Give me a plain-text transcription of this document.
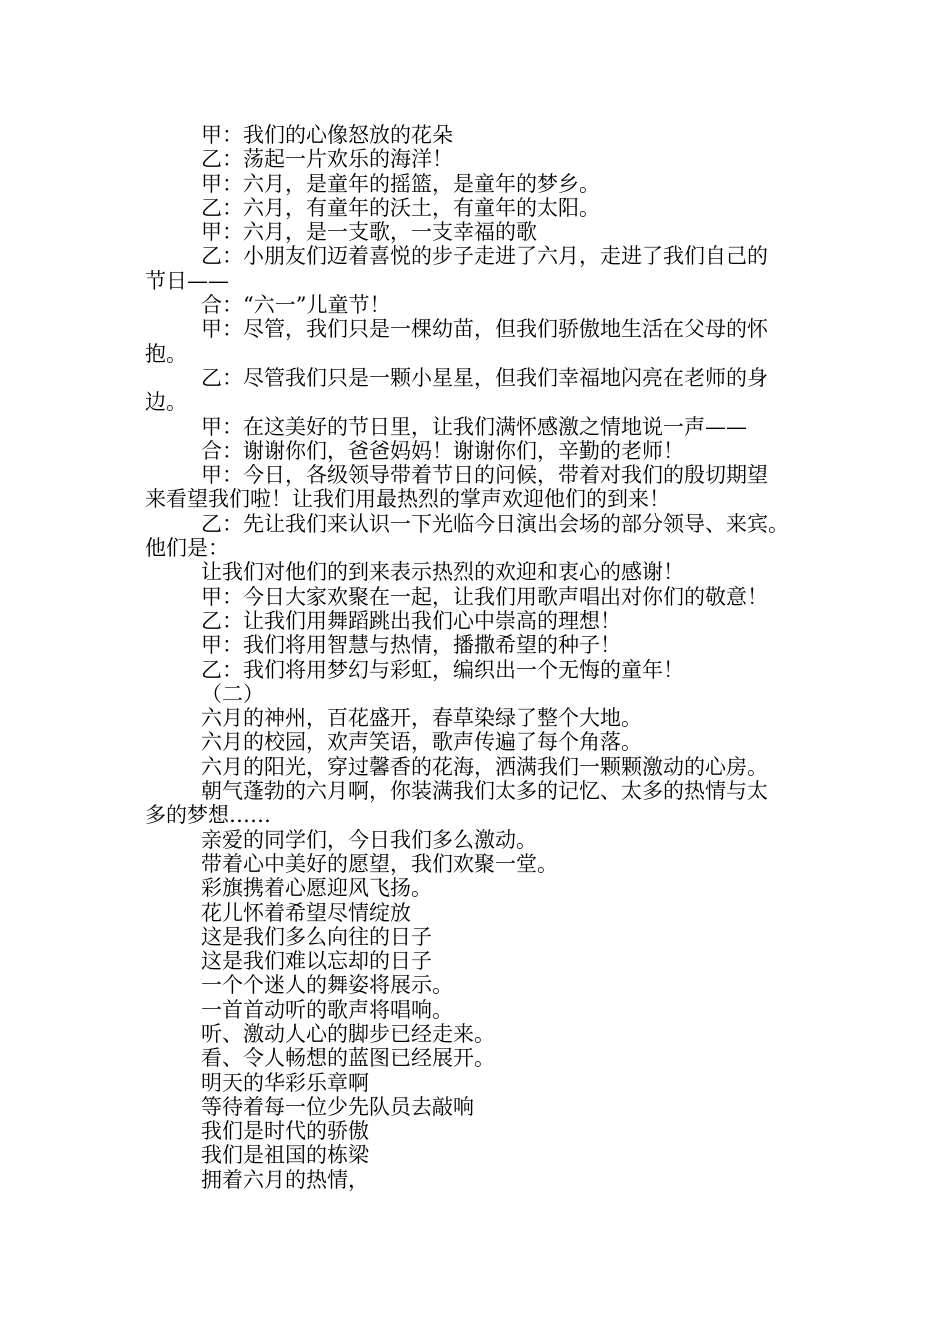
甲：我们的心像怒放的花朵
乙：荡起一片欢乐的海洋！
甲：六月，是童年的摇篮，是童年的梦乡。
乙：六月，有童年的沃土，有童年的太阳。
甲：六月，是一支歌，一支幸福的歌
乙：小朋友们迈着喜悦的步子走进了六月，走进了我们自己的
节日——
合：“六一”儿童节！
甲：尽管，我们只是一棵幼苗，但我们骄傲地生活在父母的怀
抱。
乙：尽管我们只是一颗小星星，但我们幸福地闪亮在老师的身
边。
甲：在这美好的节日里，让我们满怀感激之情地说一声——
合：谢谢你们，爸爸妈妈！谢谢你们，辛勤的老师！
甲：今日，各级领导带着节日的问候，带着对我们的殷切期望
来看望我们啦！让我们用最热烈的掌声欢迎他们的到来！
乙：先让我们来认识一下光临今日演出会场的部分领导、来宾。
他们是：
让我们对他们的到来表示热烈的欢迎和衷心的感谢！
甲：今日大家欢聚在一起，让我们用歌声唱出对你们的敬意！
乙：让我们用舞蹈跳出我们心中崇高的理想！
甲：我们将用智慧与热情，播撒希望的种子！
乙：我们将用梦幻与彩虹，编织出一个无悔的童年！
（二）
六月的神州，百花盛开，春草染绿了整个大地。
六月的校园，欢声笑语，歌声传遍了每个角落。
六月的阳光，穿过馨香的花海，洒满我们一颗颗激动的心房。
朝气蓬勃的六月啊，你装满我们太多的记忆、太多的热情与太
多的梦想……
亲爱的同学们，今日我们多么激动。
带着心中美好的愿望，我们欢聚一堂。
彩旗携着心愿迎风飞扬。
花儿怀着希望尽情绽放
这是我们多么向往的日子
这是我们难以忘却的日子
一个个迷人的舞姿将展示。
一首首动听的歌声将唱响。
听、激动人心的脚步已经走来。
看、令人畅想的蓝图已经展开。
明天的华彩乐章啊
等待着每一位少先队员去敲响
我们是时代的骄傲
我们是祖国的栋梁
拥着六月的热情，
